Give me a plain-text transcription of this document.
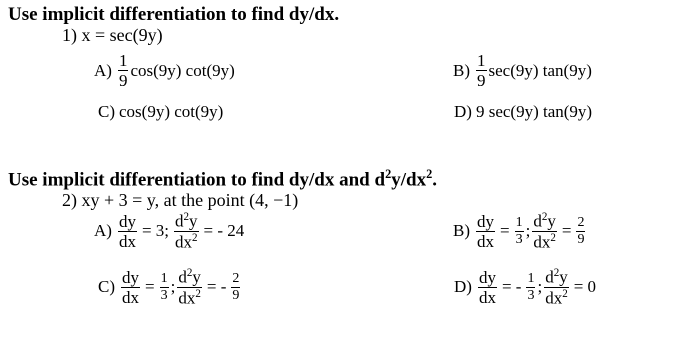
Use implicit differentiation to find dy/dx.
1) x = sec(9y)
$A) \frac{1}{9} \cos(9y)$ cot(9y)	$B) \frac{1}{9} \sec(9y)$ tan(9y)
C) cos(9y) cot(9y)	D) 9 sec(9y) tan(9y)
Use implicit differentiation to find dy/dx and $d^2y/dx^2$.
2) xy + 3 = y, at the point (4, −1)
$A) \frac{dy}{dx} = 3$; $\frac{d^2y}{dx^2}$ = - 24	$B) \frac{dy}{dx} = \frac{1}{3}$ ; $\frac{d^2y}{dx^2} = \frac{2}{9}$
$C) \frac{dy}{dx} = \frac{1}{3}$ ; $\frac{d^2y}{dx^2}$ = - $\frac{2}{9}$	$D) \frac{dy}{dx}$ = - $\frac{1}{3}$ ; $\frac{d^2y}{dx^2} = 0$
